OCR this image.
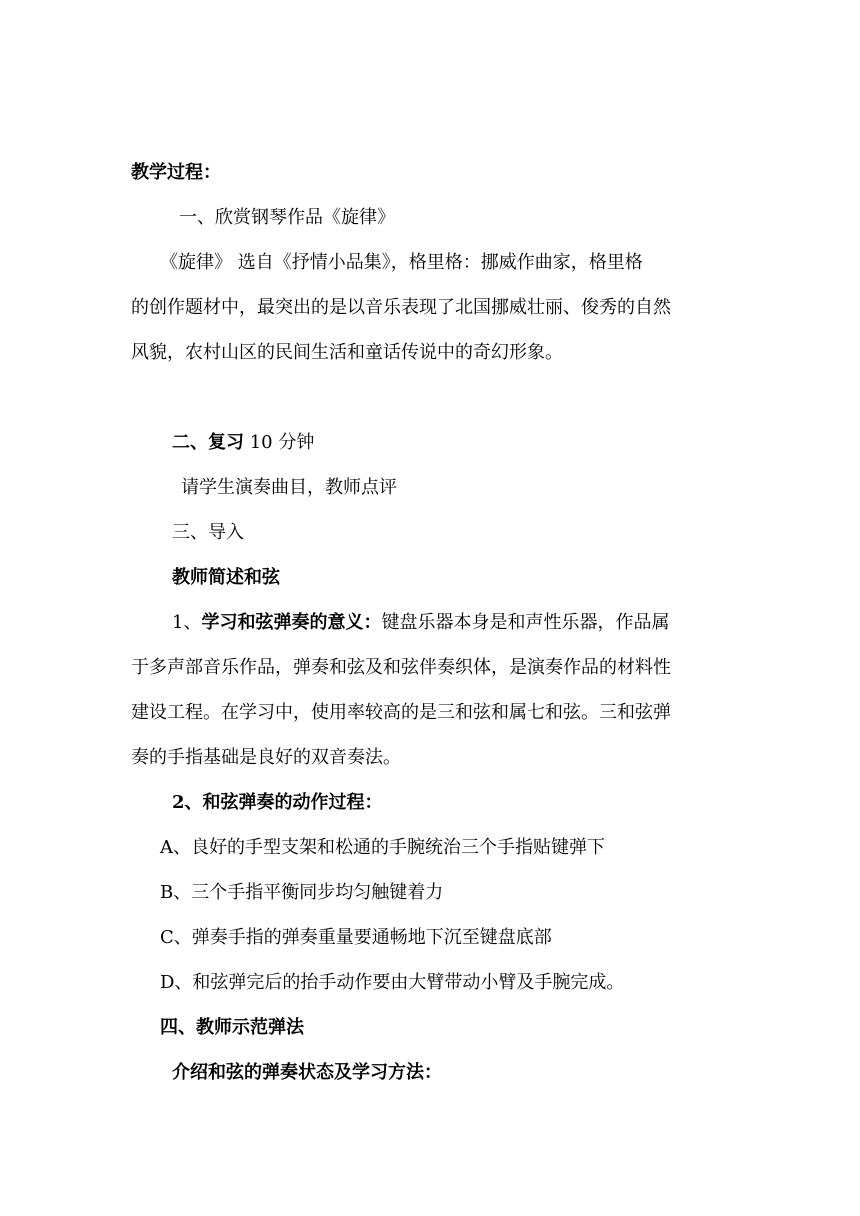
教学过程：
一、欣赏钢琴作品《旋律》
《旋律》 选自《抒情小品集》，格里格：挪威作曲家，格里格
的创作题材中，最突出的是以音乐表现了北国挪威壮丽、俊秀的自然
风貌，农村山区的民间生活和童话传说中的奇幻形象。
二、复习 10 分钟
请学生演奏曲目，教师点评
三、导入
教师简述和弦
1、学习和弦弹奏的意义：键盘乐器本身是和声性乐器，作品属
于多声部音乐作品，弹奏和弦及和弦伴奏织体，是演奏作品的材料性
建设工程。在学习中，使用率较高的是三和弦和属七和弦。三和弦弹
奏的手指基础是良好的双音奏法。
2、和弦弹奏的动作过程：
A、良好的手型支架和松通的手腕统治三个手指贴键弹下
B、三个手指平衡同步均匀触键着力
C、弹奏手指的弹奏重量要通畅地下沉至键盘底部
D、和弦弹完后的抬手动作要由大臂带动小臂及手腕完成。
四、教师示范弹法
介绍和弦的弹奏状态及学习方法：
